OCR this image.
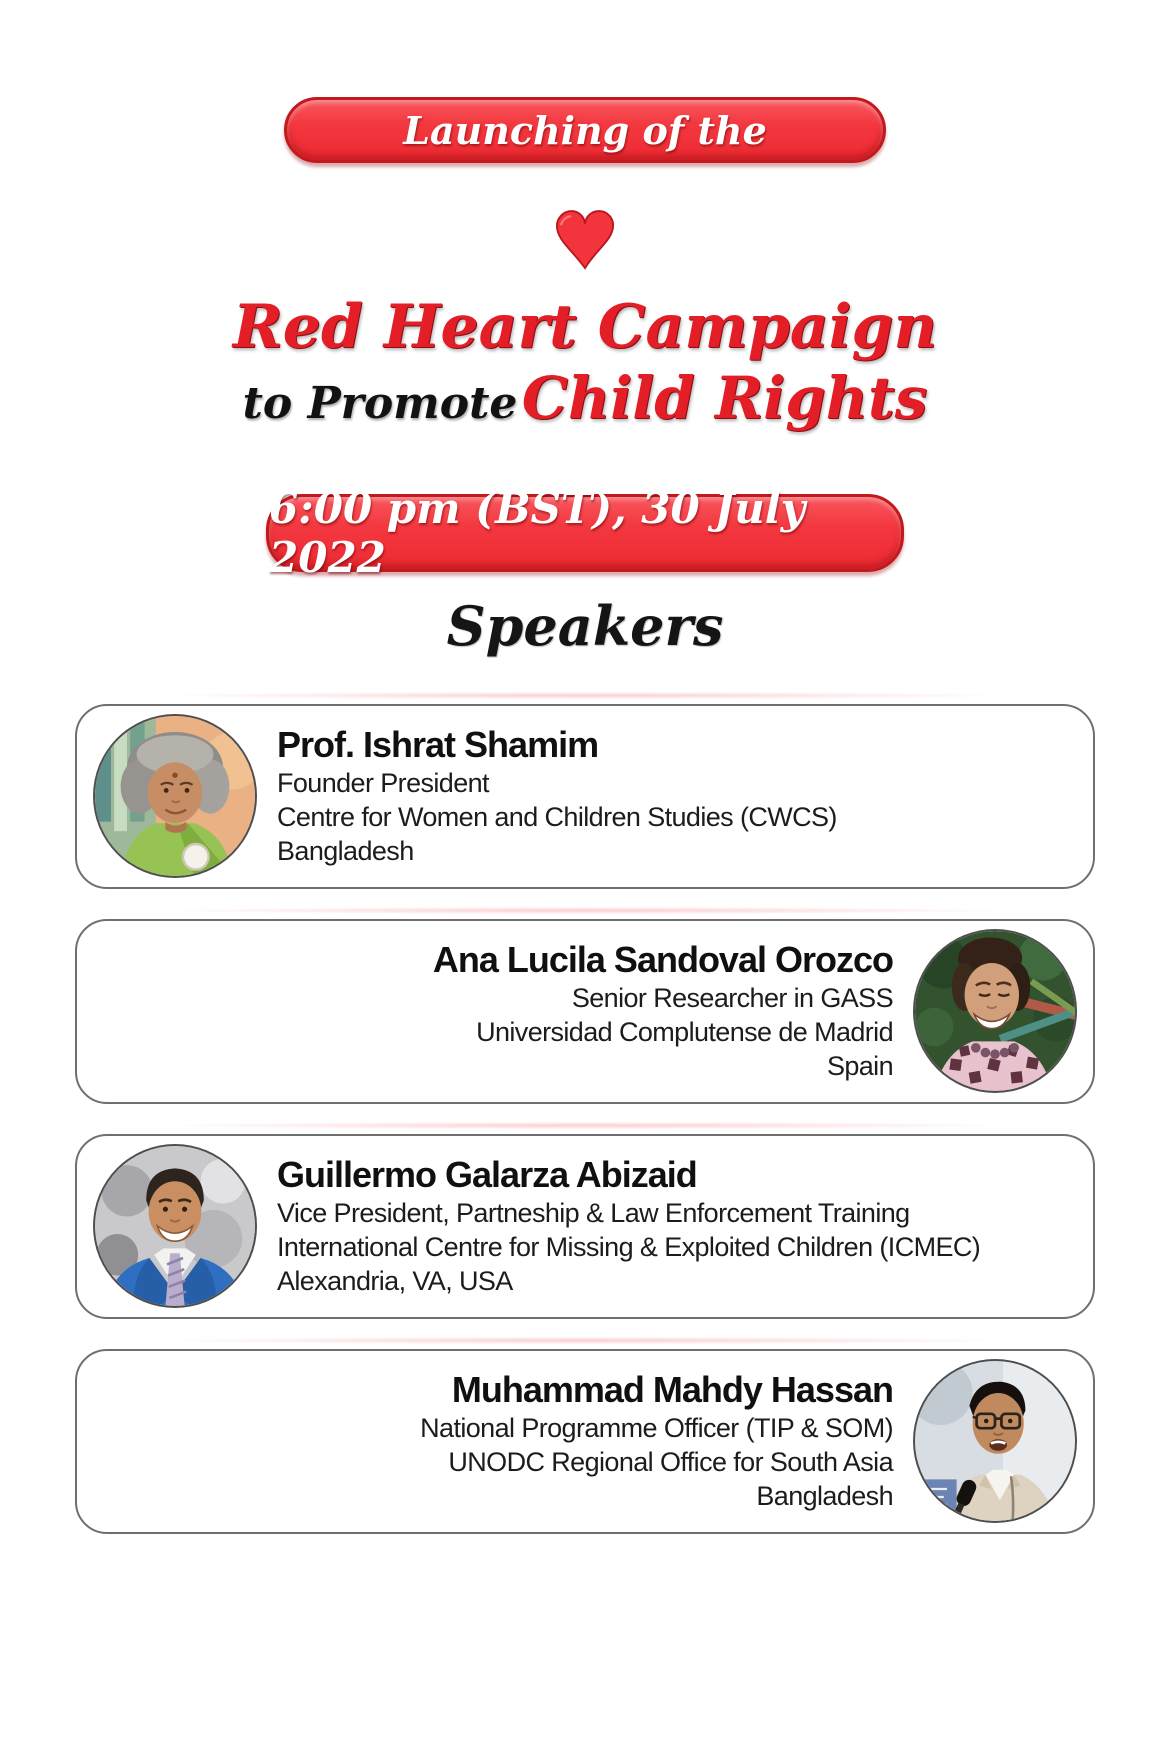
Launching of the
Red Heart Campaign
to Promote Child Rights
6:00 pm (BST), 30 July 2022
Speakers
Prof. Ishrat Shamim
Founder President
Centre for Women and Children Studies (CWCS)
Bangladesh
Ana Lucila Sandoval Orozco
Senior Researcher in GASS
Universidad Complutense de Madrid
Spain
Guillermo Galarza Abizaid
Vice President, Partneship & Law Enforcement Training
International Centre for Missing & Exploited Children (ICMEC)
Alexandria, VA, USA
Muhammad Mahdy Hassan
National Programme Officer (TIP & SOM)
UNODC Regional Office for South Asia
Bangladesh
